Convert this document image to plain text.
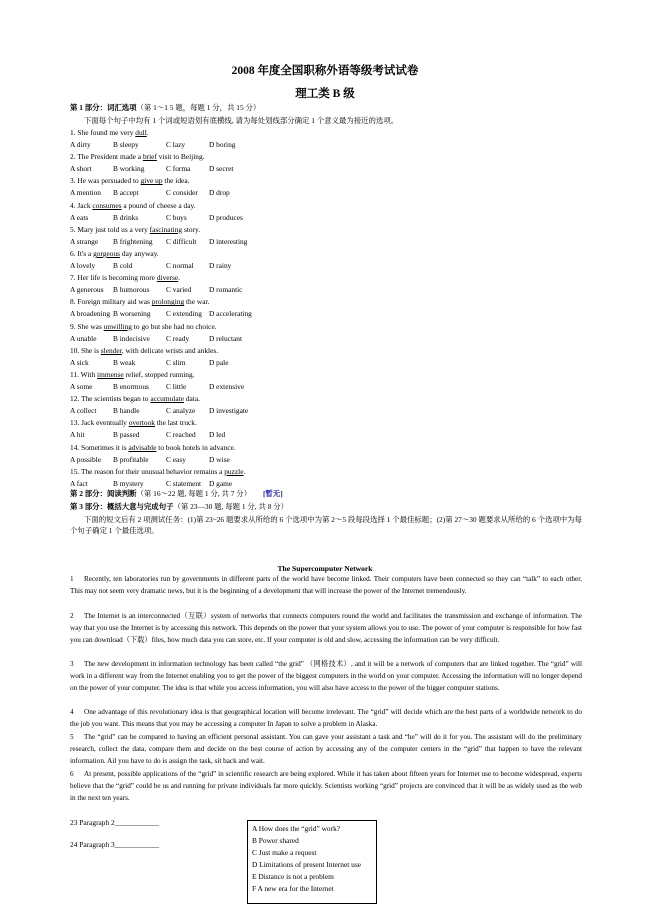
2008 年度全国职称外语等级考试试卷
理工类 B 级
第 1 部分：词汇选项（第 1～1 5 题，每题 1 分，共 15 分）
下面每个句子中均有 1 个词或短语划有底横线, 请为每处划线部分确定 1 个意义最为接近的选项。
1. She found me very dull.
A dirty	B sleepy	C lazy	D boring
2. The President made a brief visit to Beijing.
A short	B working	C forma	D secret
3. He was persuaded to give up the idea.
A mention B accept	C consider D drop
4. Jack consumes a pound of cheese a day.
A eats	B drinks	C buys	D produces
5. Mary just told us a very fascinating story.
A strange B frightening C difficult D interesting
6. It's a gorgeous day anyway.
A lovely B cold	C normal D rainy
7. Her life is becoming more diverse.
A generous B humorous C varied D romantic
8. Foreign military aid was prolonging the war.
A broadening B worsening C extending D accelerating
9. She was unwilling to go but she had no choice.
A unable B indecisive C ready	D reluctant
10. She is slender, with delicate wrists and ankles.
A sick	B weak	C slim	D pale
11. With immense relief, stopped running.
A some	B enormous C little	D extensive
12. The scientists began to accumulate data.
A collect B handle	C analyze D investigate
13. Jack eventually overtook the last truck.
A hit	B passed	C reached D led
14. Sometimes it is advisable to book hotels in advance.
A possible B profitable C easy	D wise
15. The reason for their unusual behavior remains a puzzle.
A fact	B mystery	C statement D game
第 2 部分：阅读判断（第 16～22 题, 每题 1 分, 共 7 分） [暂无]
第 3 部分：概括大意与完成句子（第 23—30 题, 每题 1 分, 共 8 分）
下面的短文后有 2 项测试任务：(1)第 23~26 题要求从所给的 6 个选项中为第 2～5 段每段选择 1 个最佳标题；(2)第 27～30 题要求从所给的 6 个选项中为每个句子确定 1 个最佳选项。
The Supercomputer Network
1 Recently, ten laboratories run by governments in different parts of the world have become linked. Their computers have been connected so they can “talk” to each other. This may not seem very dramatic news, but it is the beginning of a development that will increase the power of the Internet tremendously.
2 The Internet is an interconnected（互联）system of networks that connects computers round the world and facilitates the transmission and exchange of information. The way that you use the Internet is by accessing this network. This depends on the power that your system allows you to use. The power of your computer is responsible for how fast you can download（下载）files, how much data you can store, etc. If your computer is old and slow, accessing the information can be very difficult.
3 The new development in information technology has been called “the grid” （网格技术）, and it will be a network of computers that are linked together. The “grid” will work in a different way from the Internet enabling you to get the power of the biggest computers in the world on your computer. Accessing the information will no longer depend on the power of your computer. The idea is that while you access information, you will also have access to the power of the bigger computer stations.
4 One advantage of this revolutionary idea is that geographical location will become irrelevant. The “grid” will decide which are the best parts of a worldwide network to do the job you want. This means that you may be accessing a computer In Japan to solve a problem in Alaska.
5 The “grid” can be compared to having an efficient personal assistant. You can gave your assistant a task and “he” will do it for you. The assistant will do the preliminary research, collect the data, compare them and decide on the best course of action by accessing any of the computer centers in the “grid” that happen to have the relevant information. Ail you have to do is assign the task, sit back and wait.
6 At present, possible applications of the “grid” in scientific research are being explored. While it has taken about fifteen years for Internet use to become widespread, experts believe that the “grid” could be us and running for private individuals far more quickly. Scientists working “grid” projects are convinced that it will be as widely used as the web in the next ten years.
23 Paragraph 2____________
24 Paragraph 3____________
A How does the “grid” work?
B Power shared
C Just make a request
D Limitations of present Internet use
E Distance is not a problem
F A new era for the Internet
